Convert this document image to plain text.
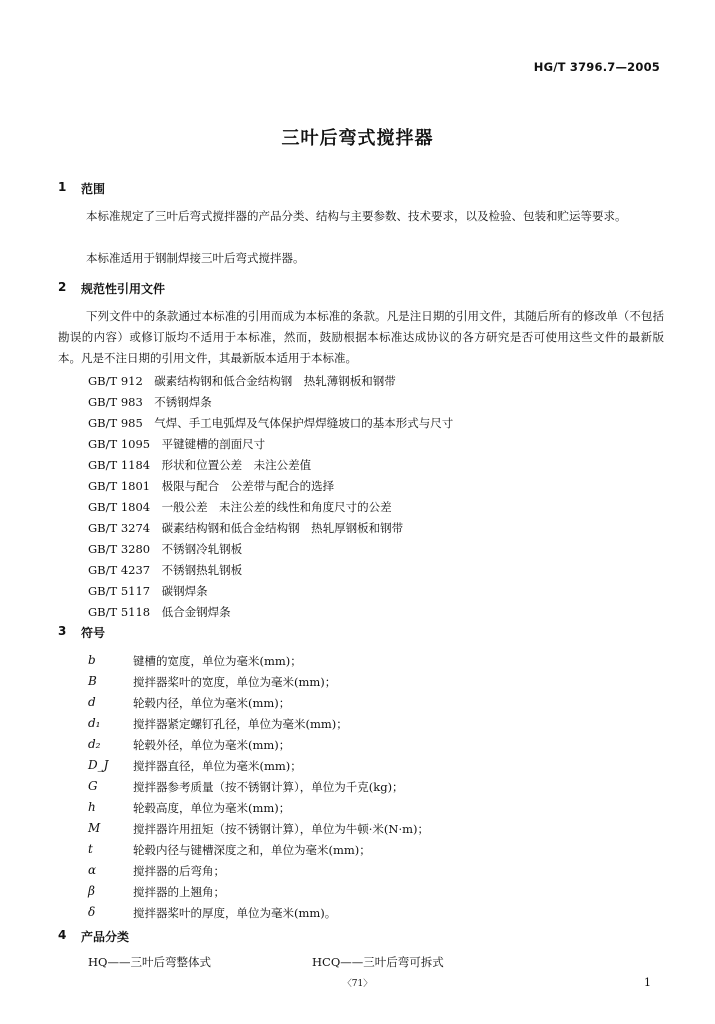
HG/T 3796.7—2005
三叶后弯式搅拌器
1 范围
本标准规定了三叶后弯式搅拌器的产品分类、结构与主要参数、技术要求，以及检验、包装和贮运等要求。
本标准适用于钢制焊接三叶后弯式搅拌器。
2 规范性引用文件
下列文件中的条款通过本标准的引用而成为本标准的条款。凡是注日期的引用文件，其随后所有的修改单（不包括勘误的内容）或修订版均不适用于本标准，然而，鼓励根据本标准达成协议的各方研究是否可使用这些文件的最新版本。凡是不注日期的引用文件，其最新版本适用于本标准。
GB/T 912　碳素结构钢和低合金结构钢　热轧薄钢板和钢带
GB/T 983　不锈钢焊条
GB/T 985　气焊、手工电弧焊及气体保护焊焊缝坡口的基本形式与尺寸
GB/T 1095　平键键槽的剖面尺寸
GB/T 1184　形状和位置公差　未注公差值
GB/T 1801　极限与配合　公差带与配合的选择
GB/T 1804　一般公差　未注公差的线性和角度尺寸的公差
GB/T 3274　碳素结构钢和低合金结构钢　热轧厚钢板和钢带
GB/T 3280　不锈钢冷轧钢板
GB/T 4237　不锈钢热轧钢板
GB/T 5117　碳钢焊条
GB/T 5118　低合金钢焊条
3 符号
b	键槽的宽度，单位为毫米(mm)；
B	搅拌器桨叶的宽度，单位为毫米(mm)；
d	轮毂内径，单位为毫米(mm)；
d₁	搅拌器紧定螺钉孔径，单位为毫米(mm)；
d₂	轮毂外径，单位为毫米(mm)；
D_J	搅拌器直径，单位为毫米(mm)；
G	搅拌器参考质量（按不锈钢计算），单位为千克(kg)；
h	轮毂高度，单位为毫米(mm)；
M	搅拌器许用扭矩（按不锈钢计算），单位为牛顿·米(N·m)；
t	轮毂内径与键槽深度之和，单位为毫米(mm)；
α	搅拌器的后弯角；
β	搅拌器的上翘角；
δ	搅拌器桨叶的厚度，单位为毫米(mm)。
4 产品分类
HQ——三叶后弯整体式	HCQ——三叶后弯可拆式
〈71〉	1
